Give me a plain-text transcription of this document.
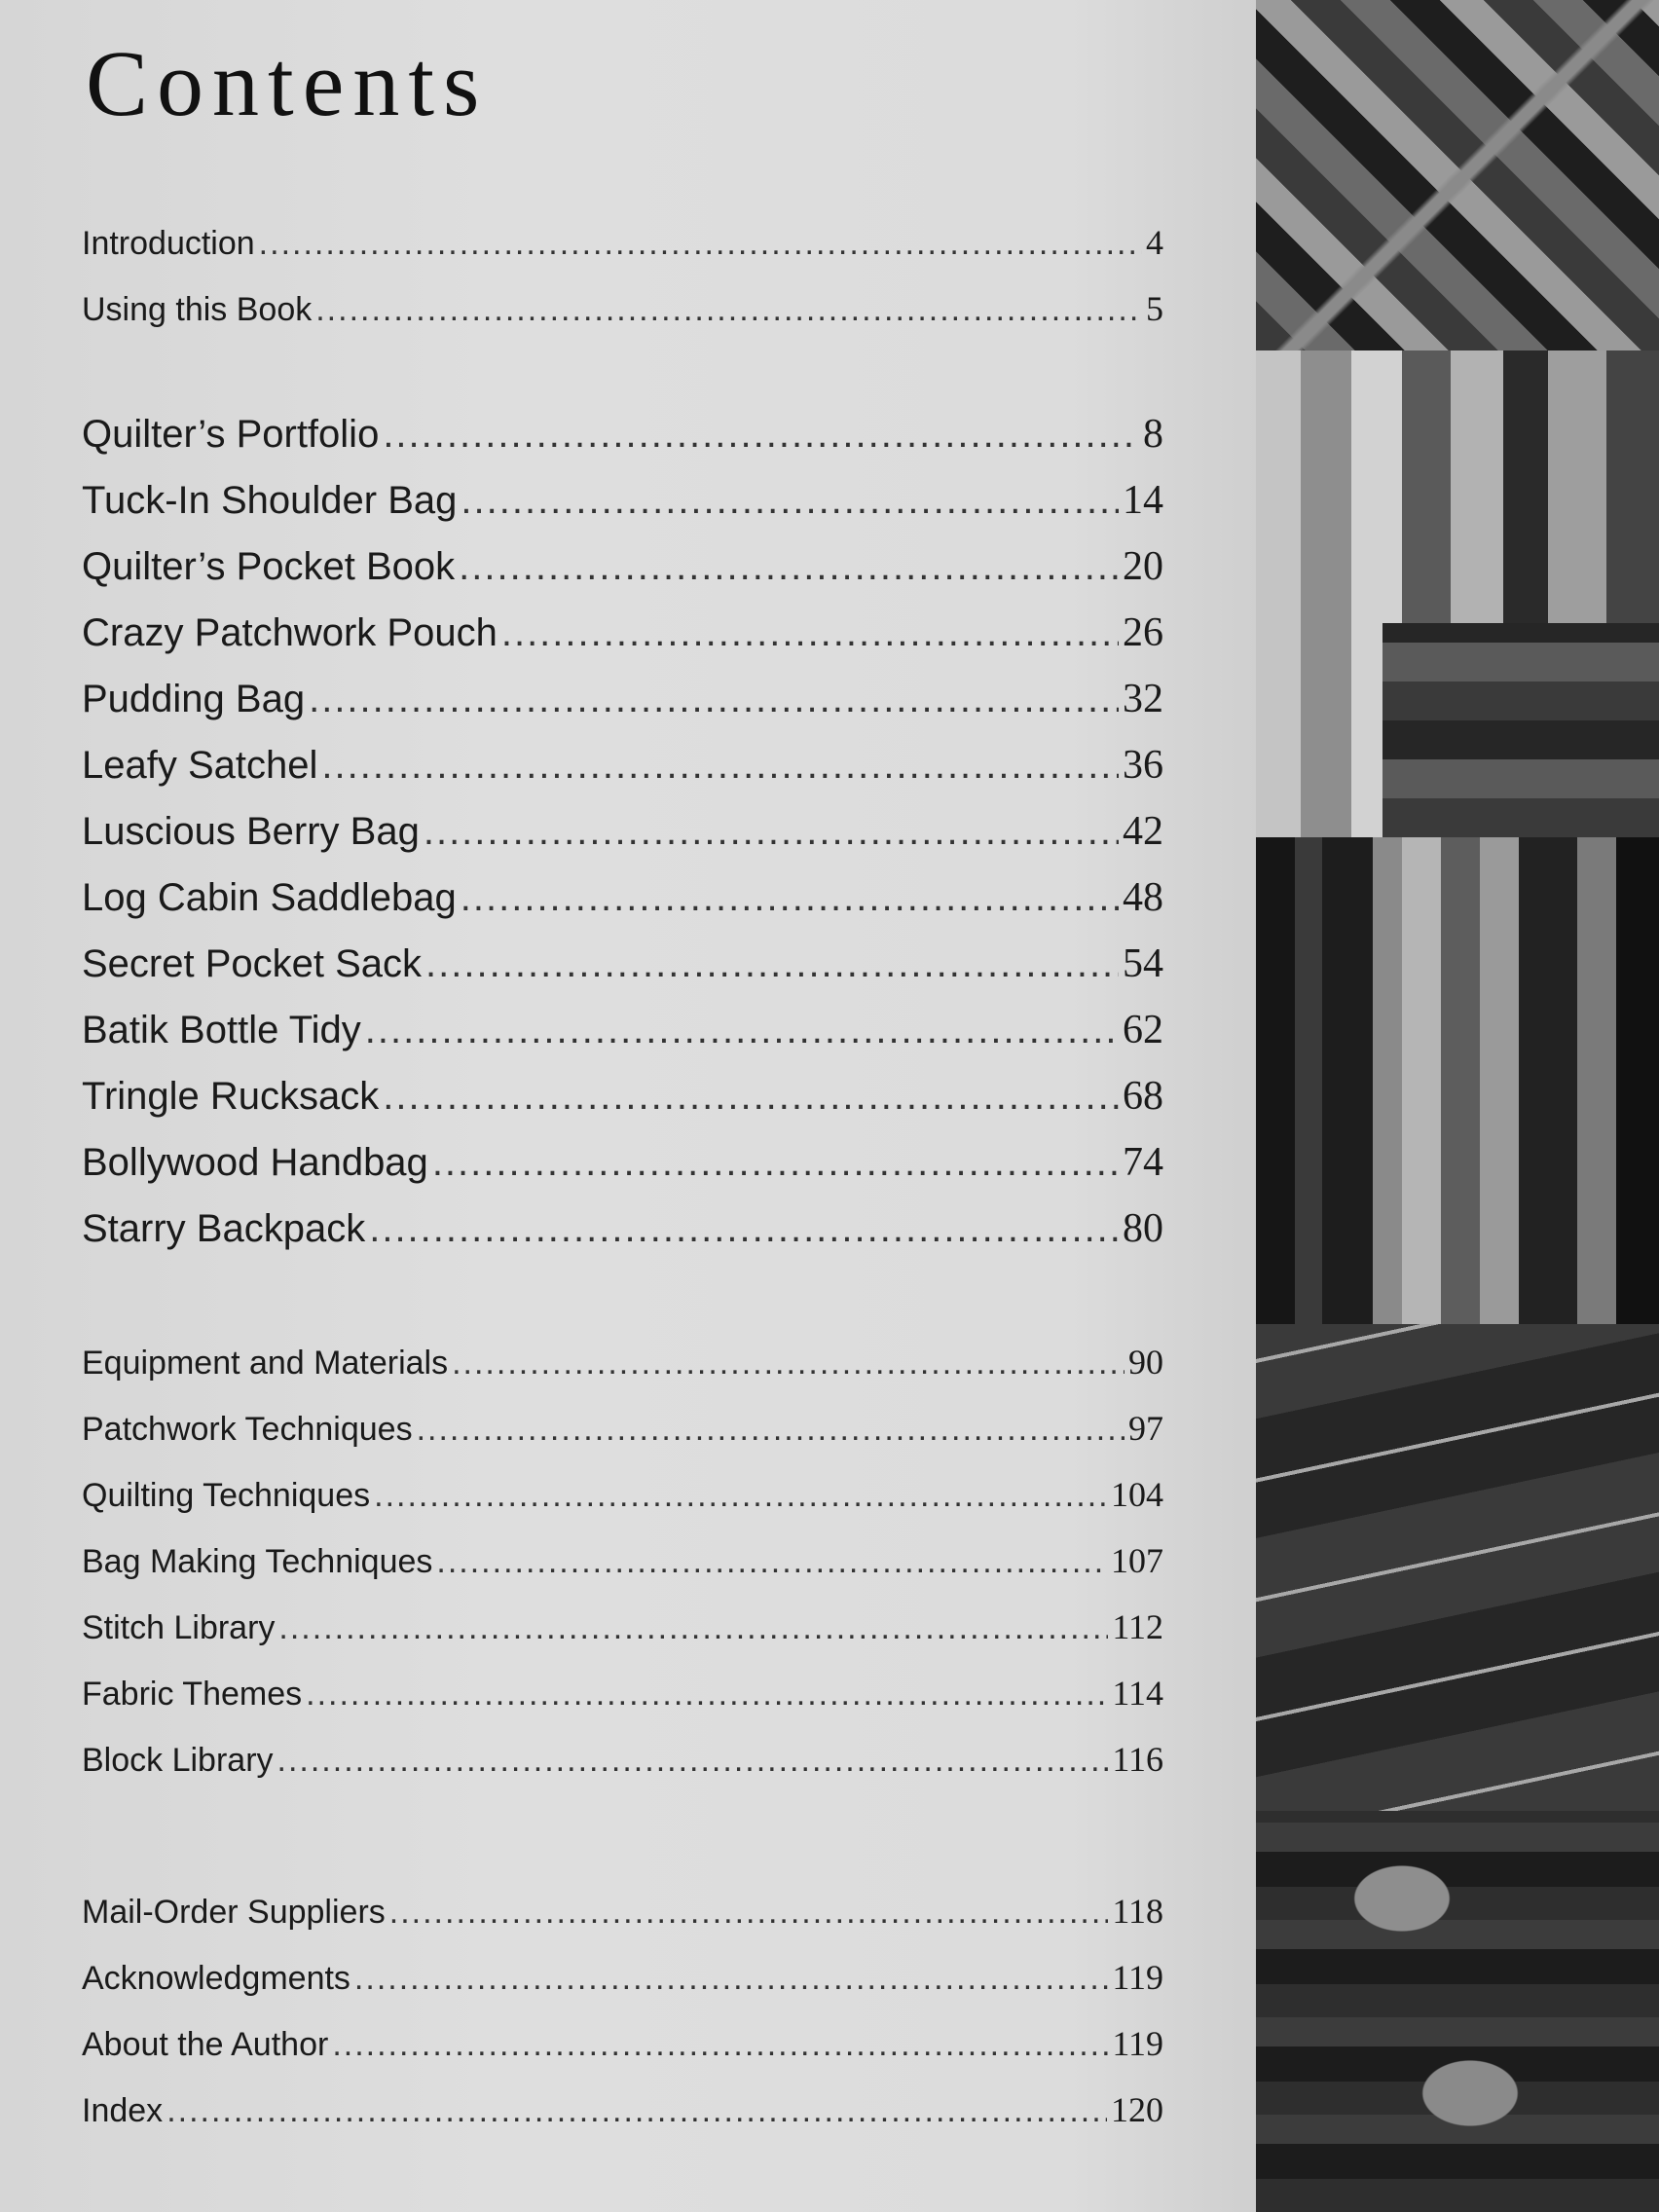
Contents
Introduction .....	4
Using this Book .....	5
Quilter’s Portfolio .....	8
Tuck-In Shoulder Bag .....	14
Quilter’s Pocket Book .....	20
Crazy Patchwork Pouch .....	26
Pudding Bag .....	32
Leafy Satchel .....	36
Luscious Berry Bag .....	42
Log Cabin Saddlebag .....	48
Secret Pocket Sack .....	54
Batik Bottle Tidy .....	62
Tringle Rucksack .....	68
Bollywood Handbag .....	74
Starry Backpack .....	80
Equipment and Materials .....	90
Patchwork Techniques .....	97
Quilting Techniques .....	104
Bag Making Techniques .....	107
Stitch Library .....	112
Fabric Themes .....	114
Block Library .....	116
Mail-Order Suppliers .....	118
Acknowledgments .....	119
About the Author .....	119
Index .....	120
